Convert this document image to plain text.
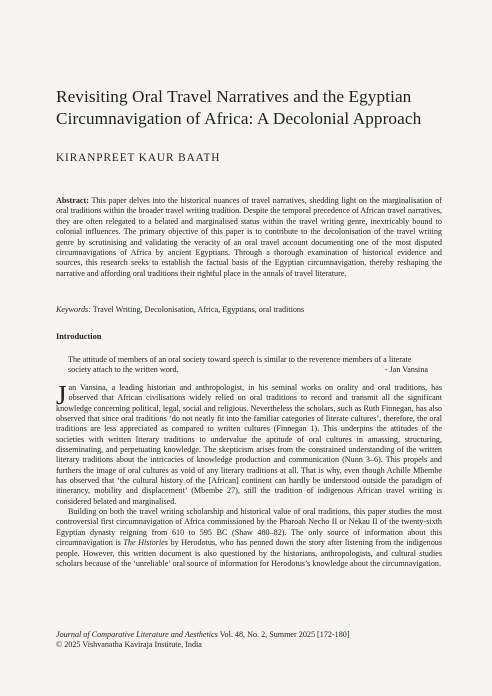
Revisiting Oral Travel Narratives and the Egyptian
Circumnavigation of Africa: A Decolonial Approach
KIRANPREET KAUR BAATH
Abstract: This paper delves into the historical nuances of travel narratives, shedding light on the marginalisation of oral traditions within the broader travel writing tradition. Despite the temporal precedence of African travel narratives, they are often relegated to a belated and marginalised status within the travel writing genre, inextricably bound to colonial influences. The primary objective of this paper is to contribute to the decolonisation of the travel writing genre by scrutinising and validating the veracity of an oral travel account documenting one of the most disputed circumnavigations of Africa by ancient Egyptians. Through a thorough examination of historical evidence and sources, this research seeks to establish the factual basis of the Egyptian circumnavigation, thereby reshaping the narrative and affording oral traditions their rightful place in the annals of travel literature.
Keywords: Travel Writing, Decolonisation, Africa, Egyptians, oral traditions
Introduction
The attitude of members of an oral society toward speech is similar to the reverence members of a literate society attach to the written word.	- Jan Vansina

Jan Vansina, a leading historian and anthropologist, in his seminal works on orality and oral traditions, has observed that African civilisations widely relied on oral traditions to record and transmit all the significant knowledge concerning political, legal, social and religious. Nevertheless the scholars, such as Ruth Finnegan, has also observed that since oral traditions ‘do not neatly fit into the familiar categories of literate cultures’, therefore, the oral traditions are less appreciated as compared to written cultures (Finnegan 1). This underpins the attitudes of the societies with written literary traditions to undervalue the aptitude of oral cultures in amassing, structuring, disseminating, and perpetuating knowledge. The skepticism arises from the constrained understanding of the written literary traditions about the intricacies of knowledge production and communication (Nunn 3–6). This propels and furthers the image of oral cultures as void of any literary traditions at all. That is why, even though Achille Mbembe has observed that ‘the cultural history of the [African] continent can hardly be understood outside the paradigm of itinerancy, mobility and displacement’ (Mbembe 27), still the tradition of indigenous African travel writing is considered belated and marginalised.

Building on both the travel writing scholarship and historical value of oral traditions, this paper studies the most controversial first circumnavigation of Africa commissioned by the Pharoah Necho II or Nekau II of the twenty-sixth Egyptian dynasty reigning from 610 to 595 BC (Shaw 480–82). The only source of information about this circumnavigation is The Histories by Herodotus, who has penned down the story after listening from the indigenous people. However, this written document is also questioned by the historians, anthropologists, and cultural studies scholars because of the ‘unreliable’ oral source of information for Herodotus’s knowledge about the circumnavigation.

Journal of Comparative Literature and Aesthetics Vol. 48, No. 2, Summer 2025 [172-180]
© 2025 Vishvanatha Kaviraja Institute, India
